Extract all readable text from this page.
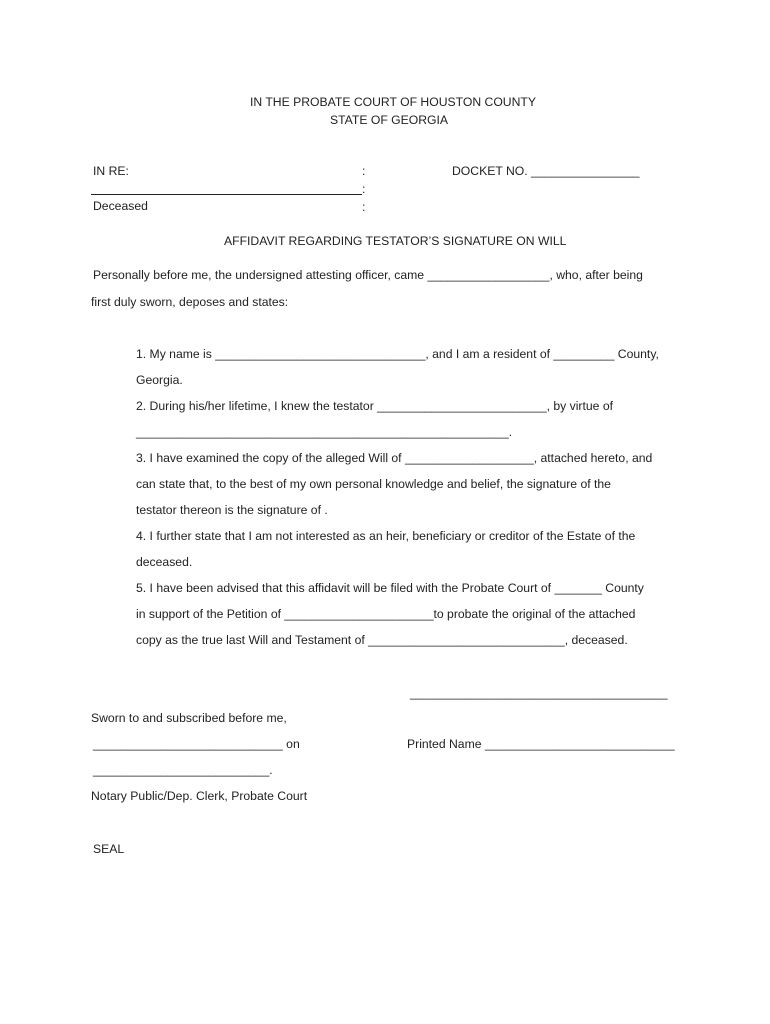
IN THE PROBATE COURT OF HOUSTON COUNTY
STATE OF GEORGIA
IN RE:	:	DOCKET NO. ________________
:
Deceased	:
AFFIDAVIT REGARDING TESTATOR’S SIGNATURE ON WILL
Personally before me, the undersigned attesting officer, came __________________, who, after being
first duly sworn, deposes and states:
1. My name is _______________________________, and I am a resident of _________ County,
Georgia.
2. During his/her lifetime, I knew the testator _________________________, by virtue of
_______________________________________________________.
3. I have examined the copy of the alleged Will of ___________________, attached hereto, and
can state that, to the best of my own personal knowledge and belief, the signature of the
testator thereon is the signature of .
4. I further state that I am not interested as an heir, beneficiary or creditor of the Estate of the
deceased.
5. I have been advised that this affidavit will be filed with the Probate Court of _______ County
in support of the Petition of ______________________to probate the original of the attached
copy as the true last Will and Testament of _____________________________, deceased.
______________________________________
Sworn to and subscribed before me,
____________________________ on	Printed Name ____________________________
__________________________.
Notary Public/Dep. Clerk, Probate Court
SEAL
